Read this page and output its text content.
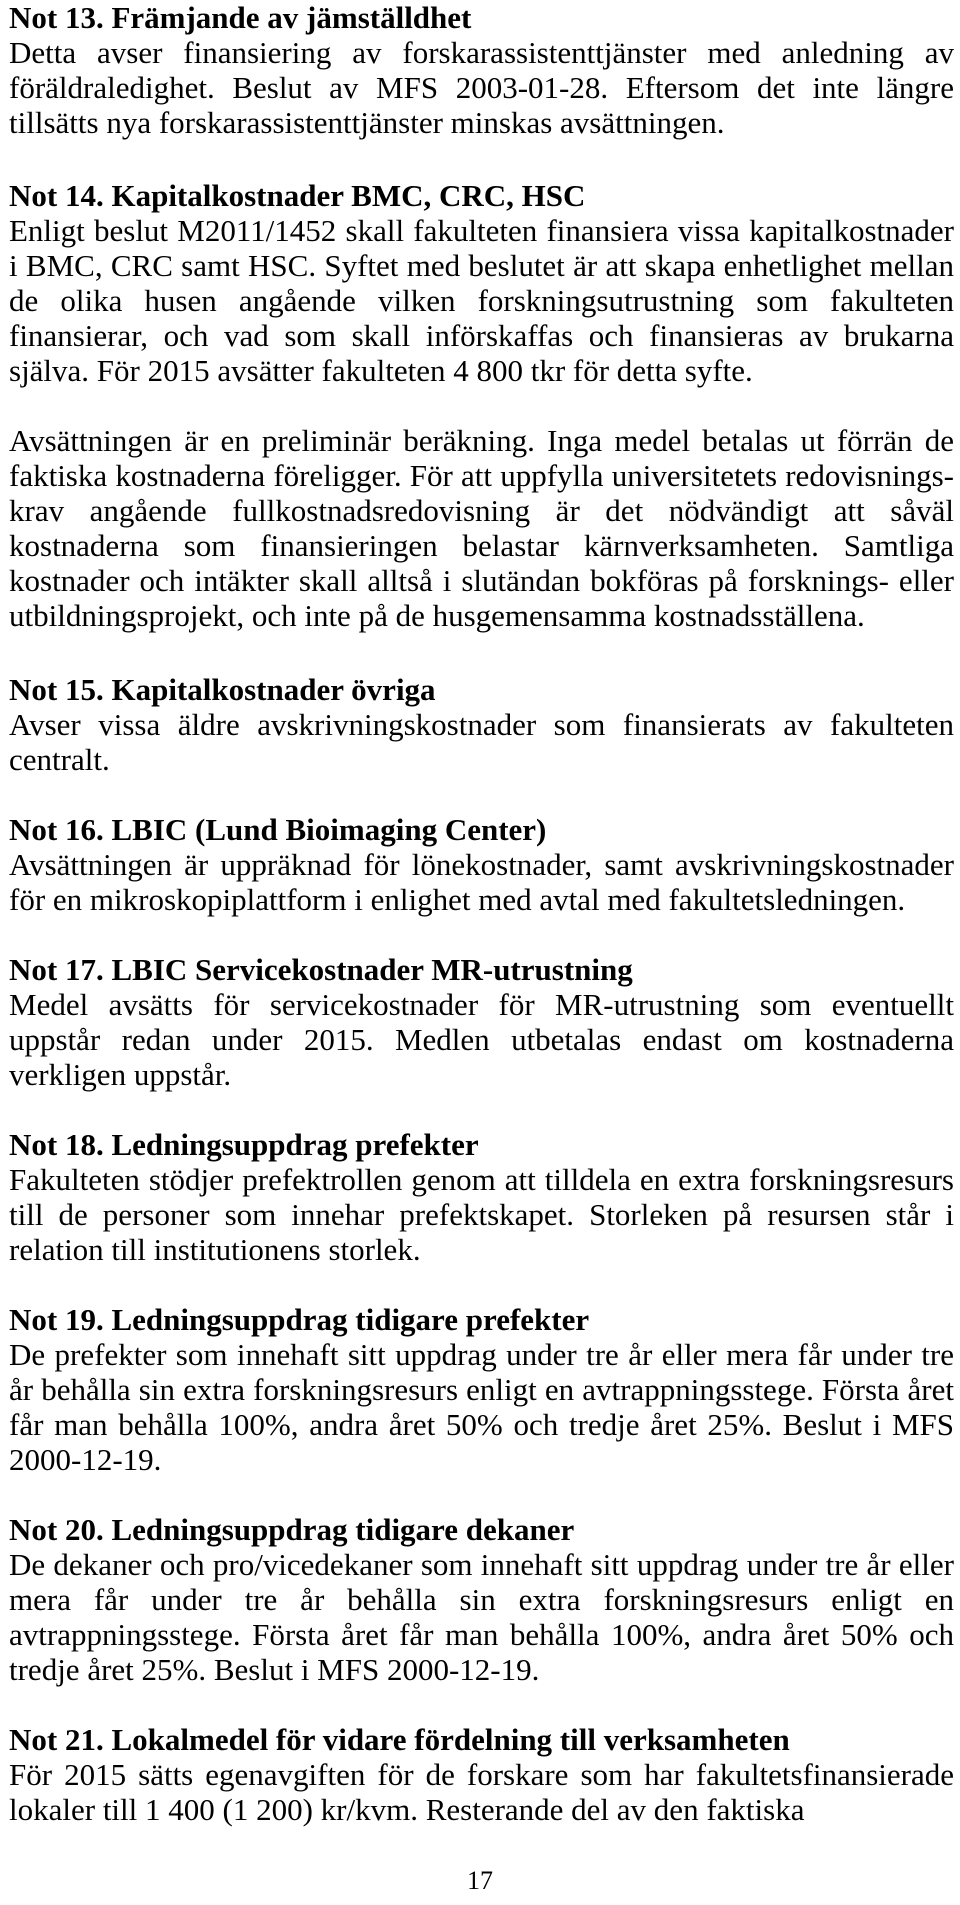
Not 13. Främjande av jämställdhet

Detta avser finansiering av forskarassistenttjänster med anledning av föräldraledighet. Beslut av MFS 2003-01-28. Eftersom det inte längre tillsätts nya forskarassistenttjänster minskas avsättningen.

Not 14. Kapitalkostnader BMC, CRC, HSC

Enligt beslut M2011/1452 skall fakulteten finansiera vissa kapitalkostnader i BMC, CRC samt HSC. Syftet med beslutet är att skapa enhetlighet mellan de olika husen angående vilken forskningsutrustning som fakulteten finansierar, och vad som skall införskaffas och finansieras av brukarna själva. För 2015 avsätter fakulteten 4 800 tkr för detta syfte.

Avsättningen är en preliminär beräkning. Inga medel betalas ut förrän de faktiska kostnaderna föreligger. För att uppfylla universitetets redovisnings-krav angående fullkostnadsredovisning är det nödvändigt att såväl kostnaderna som finansieringen belastar kärnverksamheten. Samtliga kostnader och intäkter skall alltså i slutändan bokföras på forsknings- eller utbildningsprojekt, och inte på de husgemensamma kostnadsställena.

Not 15. Kapitalkostnader övriga

Avser vissa äldre avskrivningskostnader som finansierats av fakulteten centralt.

Not 16. LBIC (Lund Bioimaging Center)

Avsättningen är uppräknad för lönekostnader, samt avskrivningskostnader för en mikroskopiplattform i enlighet med avtal med fakultetsledningen.

Not 17. LBIC Servicekostnader MR-utrustning

Medel avsätts för servicekostnader för MR-utrustning som eventuellt uppstår redan under 2015. Medlen utbetalas endast om kostnaderna verkligen uppstår.

Not 18. Ledningsuppdrag prefekter

Fakulteten stödjer prefektrollen genom att tilldela en extra forskningsresurs till de personer som innehar prefektskapet. Storleken på resursen står i relation till institutionens storlek.

Not 19. Ledningsuppdrag tidigare prefekter

De prefekter som innehaft sitt uppdrag under tre år eller mera får under tre år behålla sin extra forskningsresurs enligt en avtrappningsstege. Första året får man behålla 100%, andra året 50% och tredje året 25%. Beslut i MFS 2000-12-19.

Not 20. Ledningsuppdrag tidigare dekaner

De dekaner och pro/vicedekaner som innehaft sitt uppdrag under tre år eller mera får under tre år behålla sin extra forskningsresurs enligt en avtrappningsstege. Första året får man behålla 100%, andra året 50% och tredje året 25%. Beslut i MFS 2000-12-19.

Not 21. Lokalmedel för vidare fördelning till verksamheten

För 2015 sätts egenavgiften för de forskare som har fakultetsfinansierade lokaler till 1 400 (1 200) kr/kvm. Resterande del av den faktiska

17
